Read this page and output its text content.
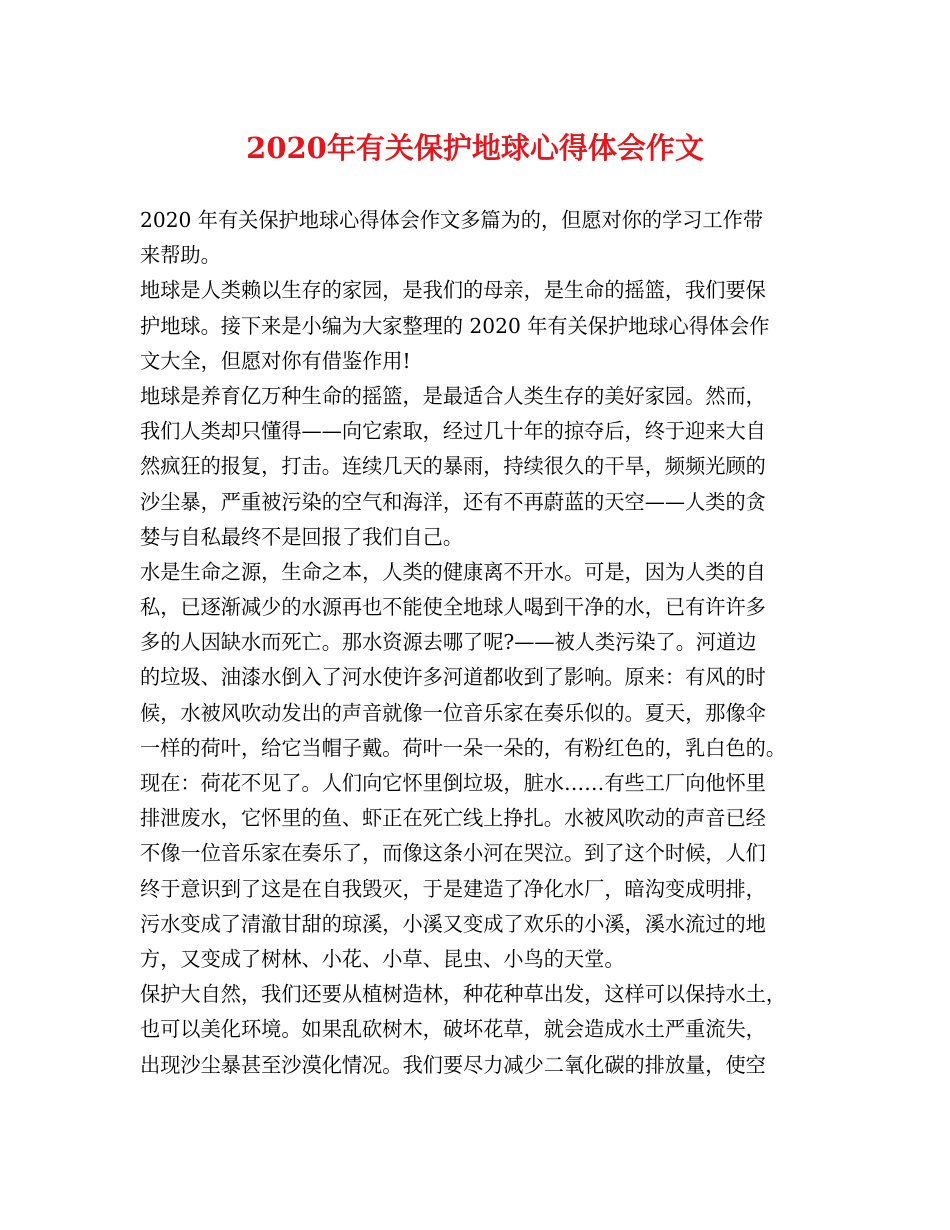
2020年有关保护地球心得体会作文
2020 年有关保护地球心得体会作文多篇为的，但愿对你的学习工作带
来帮助。
地球是人类赖以生存的家园，是我们的母亲，是生命的摇篮，我们要保
护地球。接下来是小编为大家整理的 2020 年有关保护地球心得体会作
文大全，但愿对你有借鉴作用!
地球是养育亿万种生命的摇篮，是最适合人类生存的美好家园。然而，
我们人类却只懂得——向它索取，经过几十年的掠夺后，终于迎来大自
然疯狂的报复，打击。连续几天的暴雨，持续很久的干旱，频频光顾的
沙尘暴，严重被污染的空气和海洋，还有不再蔚蓝的天空——人类的贪
婪与自私最终不是回报了我们自己。
水是生命之源，生命之本，人类的健康离不开水。可是，因为人类的自
私，已逐渐减少的水源再也不能使全地球人喝到干净的水，已有许许多
多的人因缺水而死亡。那水资源去哪了呢?——被人类污染了。河道边
的垃圾、油漆水倒入了河水使许多河道都收到了影响。原来：有风的时
候，水被风吹动发出的声音就像一位音乐家在奏乐似的。夏天，那像伞
一样的荷叶，给它当帽子戴。荷叶一朵一朵的，有粉红色的，乳白色的。
现在：荷花不见了。人们向它怀里倒垃圾，脏水……有些工厂向他怀里
排泄废水，它怀里的鱼、虾正在死亡线上挣扎。水被风吹动的声音已经
不像一位音乐家在奏乐了，而像这条小河在哭泣。到了这个时候，人们
终于意识到了这是在自我毁灭，于是建造了净化水厂，暗沟变成明排，
污水变成了清澈甘甜的琼溪，小溪又变成了欢乐的小溪，溪水流过的地
方，又变成了树林、小花、小草、昆虫、小鸟的天堂。
保护大自然，我们还要从植树造林，种花种草出发，这样可以保持水土，
也可以美化环境。如果乱砍树木，破坏花草，就会造成水土严重流失，
出现沙尘暴甚至沙漠化情况。我们要尽力减少二氧化碳的排放量，使空
